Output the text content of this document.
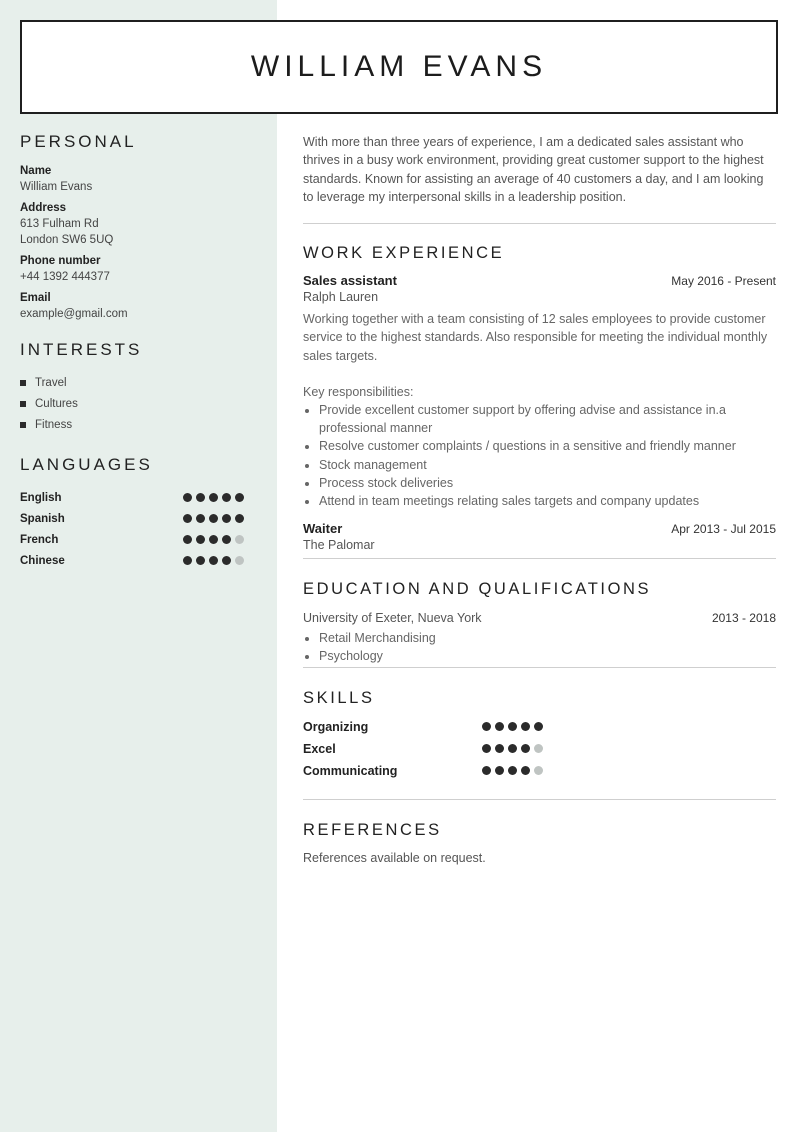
WILLIAM EVANS
PERSONAL

Name

William Evans

Address

613 Fulham Rd

London SW6 5UQ

Phone number

+44 1392 444377

Email

example@gmail.com

INTERESTS
Travel
Cultures
Fitness
LANGUAGES
English
Spanish
French
Chinese

With more than three years of experience, I am a dedicated sales assistant who thrives in a busy work environment, providing great customer support to the highest standards. Known for assisting an average of 40 customers a day, and I am looking to leverage my interpersonal skills in a leadership position.

WORK EXPERIENCE
Sales assistant	May 2016 - Present
Ralph Lauren

Working together with a team consisting of 12 sales employees to provide customer service to the highest standards. Also responsible for meeting the individual monthly sales targets.

Key responsibilities:

• Provide excellent customer support by offering advise and assistance in.a professional manner
• Resolve customer complaints / questions in a sensitive and friendly manner
• Stock management
• Process stock deliveries
• Attend in team meetings relating sales targets and company updates
Waiter	Apr 2013 - Jul 2015
The Palomar
EDUCATION AND QUALIFICATIONS
University of Exeter, Nueva York	2013 - 2018
• Retail Merchandising
• Psychology
SKILLS
Organizing
Excel
Communicating
REFERENCES
References available on request.
